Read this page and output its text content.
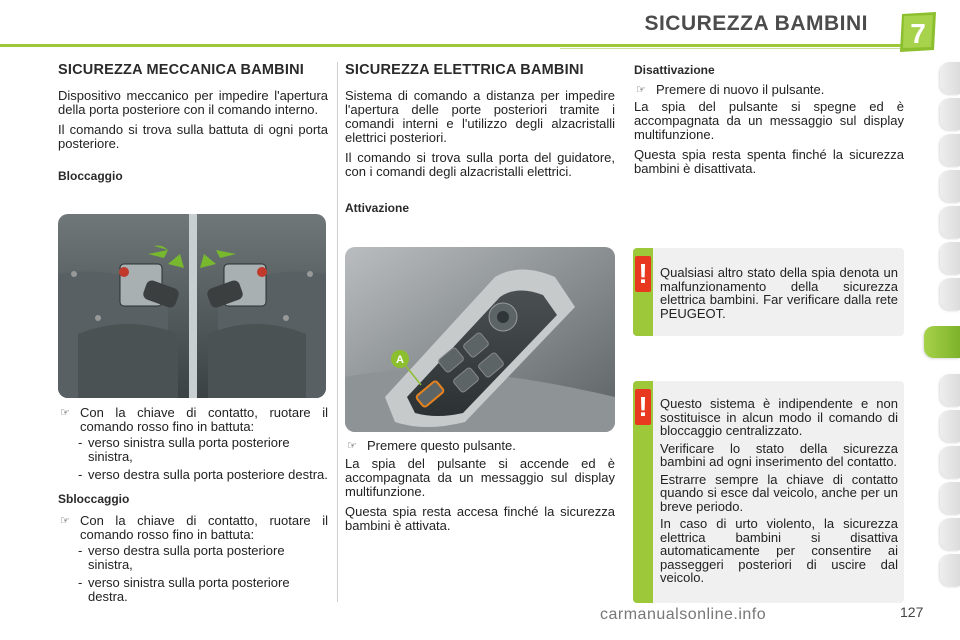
SICUREZZA BAMBINI 7
SICUREZZA MECCANICA BAMBINI

Dispositivo meccanico per impedire l'apertura della porta posteriore con il comando interno.

Il comando si trova sulla battuta di ogni porta posteriore.

Bloccaggio
☞ Con la chiave di contatto, ruotare il comando rosso fino in battuta:
- verso sinistra sulla porta posteriore sinistra,
- verso destra sulla porta posteriore destra.
Sbloccaggio
☞ Con la chiave di contatto, ruotare il comando rosso fino in battuta:
- verso destra sulla porta posteriore sinistra,
- verso sinistra sulla porta posteriore destra.
SICUREZZA ELETTRICA BAMBINI

Sistema di comando a distanza per impedire l'apertura delle porte posteriori tramite i comandi interni e l'utilizzo degli alzacristalli elettrici posteriori.

Il comando si trova sulla porta del guidatore, con i comandi degli alzacristalli elettrici.

Attivazione
A
☞ Premere questo pulsante.

La spia del pulsante si accende ed è accompagnata da un messaggio sul display multifunzione.

Questa spia resta accesa finché la sicurezza bambini è attivata.

Disattivazione
☞ Premere di nuovo il pulsante.

La spia del pulsante si spegne ed è accompagnata da un messaggio sul display multifunzione.

Questa spia resta spenta finché la sicurezza bambini è disattivata.

! Qualsiasi altro stato della spia denota un malfunzionamento della sicurezza elettrica bambini. Far verificare dalla rete PEUGEOT.
! Questo sistema è indipendente e non sostituisce in alcun modo il comando di bloccaggio centralizzato.

Verificare lo stato della sicurezza bambini ad ogni inserimento del contatto.

Estrarre sempre la chiave di contatto quando si esce dal veicolo, anche per un breve periodo.

In caso di urto violento, la sicurezza elettrica bambini si disattiva automaticamente per consentire ai passeggeri posteriori di uscire dal veicolo.

carmanualsonline.info	127
